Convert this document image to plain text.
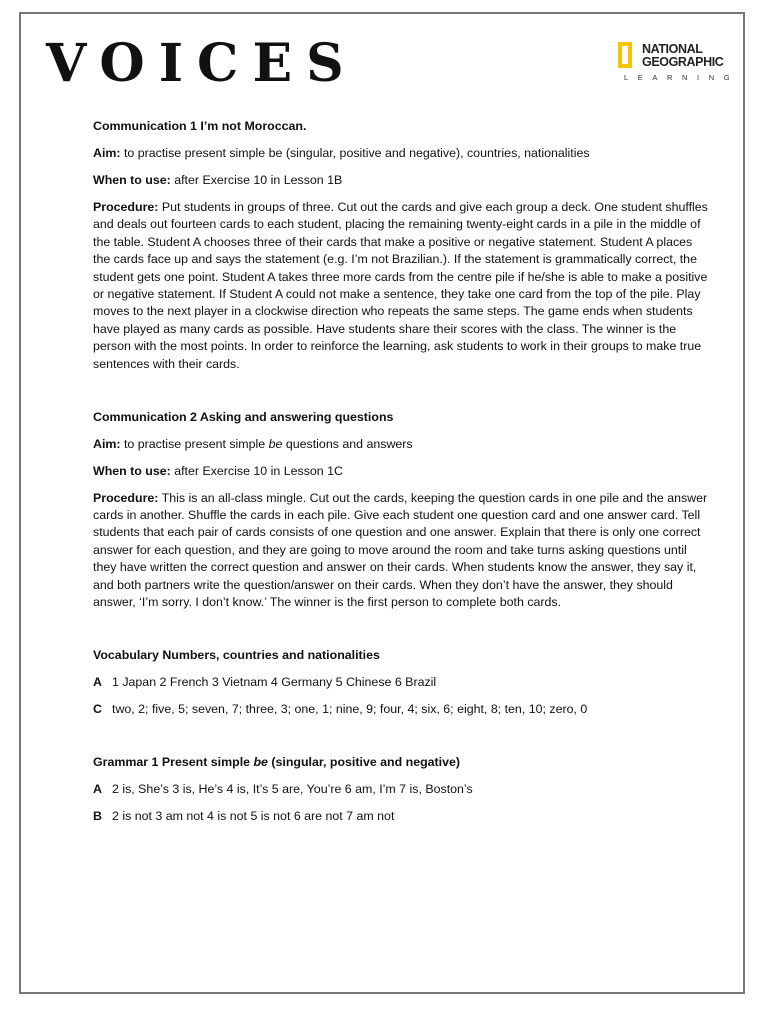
VOICES	NATIONAL
GEOGRAPHIC
LEARNING

Communication 1 I’m not Moroccan.

Aim: to practise present simple be (singular, positive and negative), countries, nationalities

When to use: after Exercise 10 in Lesson 1B

Procedure: Put students in groups of three. Cut out the cards and give each group a deck. One student shuffles and deals out fourteen cards to each student, placing the remaining twenty-eight cards in a pile in the middle of the table. Student A chooses three of their cards that make a positive or negative statement. Student A places the cards face up and says the statement (e.g. I’m not Brazilian.). If the statement is grammatically correct, the student gets one point. Student A takes three more cards from the centre pile if he/she is able to make a positive or negative statement. If Student A could not make a sentence, they take one card from the top of the pile. Play moves to the next player in a clockwise direction who repeats the same steps. The game ends when students have played as many cards as possible. Have students share their scores with the class. The winner is the person with the most points. In order to reinforce the learning, ask students to work in their groups to make true sentences with their cards.

Communication 2 Asking and answering questions

Aim: to practise present simple be questions and answers

When to use: after Exercise 10 in Lesson 1C

Procedure: This is an all-class mingle. Cut out the cards, keeping the question cards in one pile and the answer cards in another. Shuffle the cards in each pile. Give each student one question card and one answer card. Tell students that each pair of cards consists of one question and one answer. Explain that there is only one correct answer for each question, and they are going to move around the room and take turns asking questions until they have written the correct question and answer on their cards. When students know the answer, they say it, and both partners write the question/answer on their cards. When they don’t have the answer, they should answer, ‘I’m sorry. I don’t know.’ The winner is the first person to complete both cards.

Vocabulary Numbers, countries and nationalities

A 1 Japan 2 French 3 Vietnam 4 Germany 5 Chinese 6 Brazil

C two, 2; five, 5; seven, 7; three, 3; one, 1; nine, 9; four, 4; six, 6; eight, 8; ten, 10; zero, 0

Grammar 1 Present simple be (singular, positive and negative)

A 2 is, She’s 3 is, He’s 4 is, It’s 5 are, You’re 6 am, I’m 7 is, Boston’s

B 2 is not 3 am not 4 is not 5 is not 6 are not 7 am not
